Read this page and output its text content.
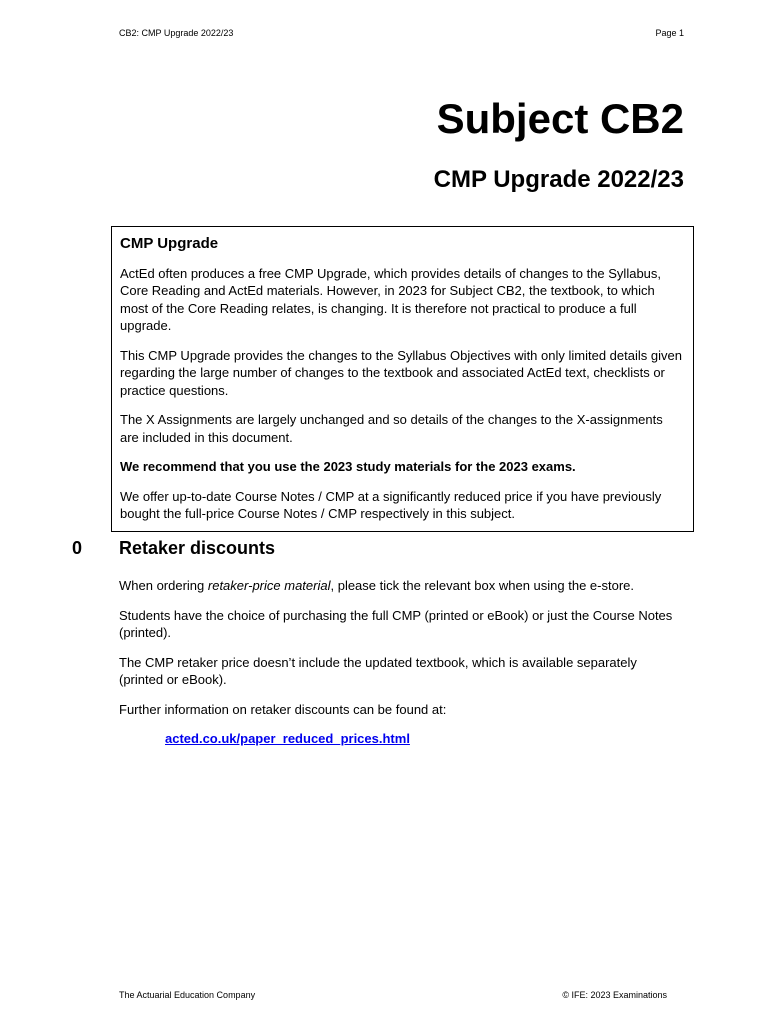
CB2: CMP Upgrade 2022/23	Page 1
Subject CB2
CMP Upgrade 2022/23
CMP Upgrade

ActEd often produces a free CMP Upgrade, which provides details of changes to the Syllabus, Core Reading and ActEd materials. However, in 2023 for Subject CB2, the textbook, to which most of the Core Reading relates, is changing. It is therefore not practical to produce a full upgrade.

This CMP Upgrade provides the changes to the Syllabus Objectives with only limited details given regarding the large number of changes to the textbook and associated ActEd text, checklists or practice questions.

The X Assignments are largely unchanged and so details of the changes to the X-assignments are included in this document.

We recommend that you use the 2023 study materials for the 2023 exams.

We offer up-to-date Course Notes / CMP at a significantly reduced price if you have previously bought the full-price Course Notes / CMP respectively in this subject.

0 Retaker discounts

When ordering retaker-price material, please tick the relevant box when using the e-store.

Students have the choice of purchasing the full CMP (printed or eBook) or just the Course Notes (printed).

The CMP retaker price doesn’t include the updated textbook, which is available separately (printed or eBook).

Further information on retaker discounts can be found at:

acted.co.uk/paper_reduced_prices.html
The Actuarial Education Company	© IFE: 2023 Examinations
